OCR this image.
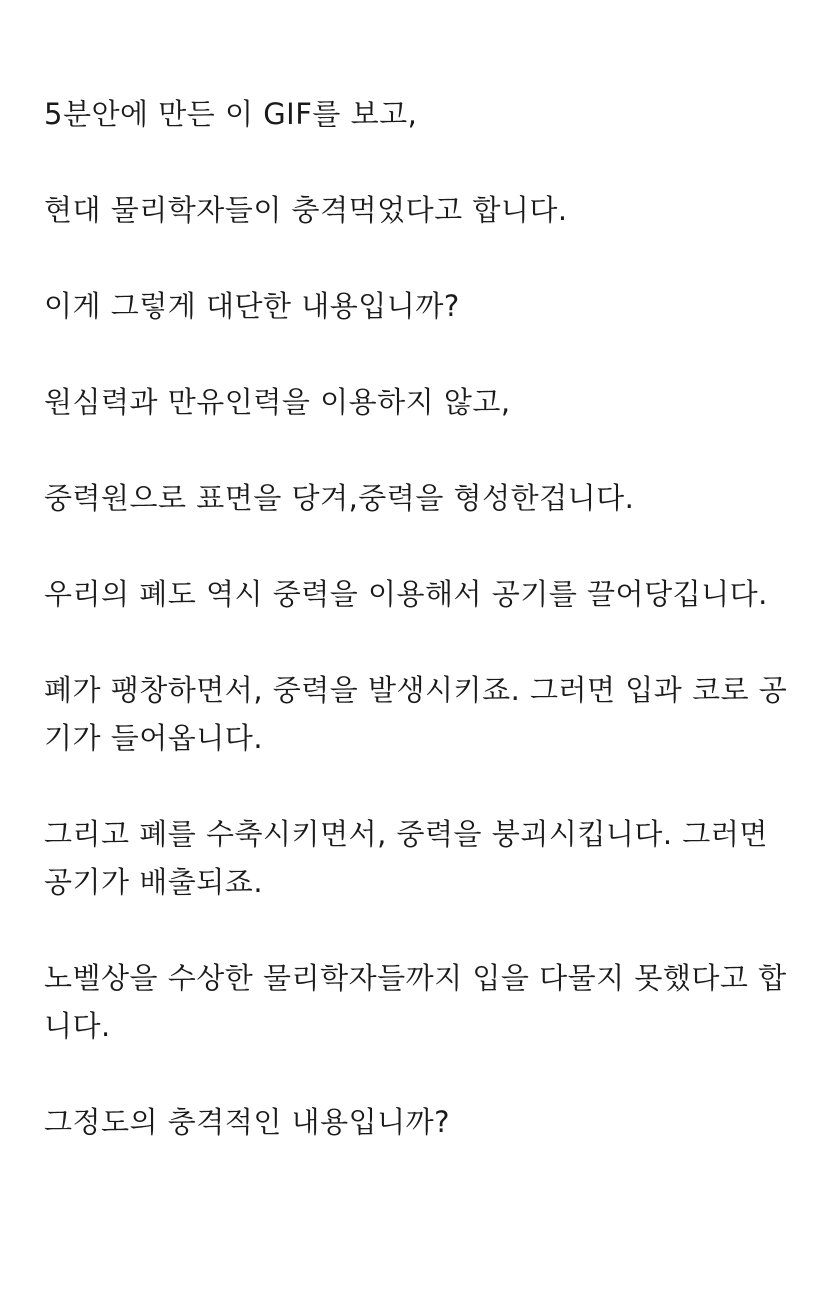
5분안에 만든 이 GIF를 보고,

현대 물리학자들이 충격먹었다고 합니다.

이게 그렇게 대단한 내용입니까?

원심력과 만유인력을 이용하지 않고,

중력원으로 표면을 당겨,중력을 형성한겁니다.

우리의 폐도 역시 중력을 이용해서 공기를 끌어당깁니다.

폐가 팽창하면서, 중력을 발생시키죠. 그러면 입과 코로 공기가 들어옵니다.

그리고 폐를 수축시키면서, 중력을 붕괴시킵니다. 그러면 공기가 배출되죠.

노벨상을 수상한 물리학자들까지 입을 다물지 못했다고 합니다.

그정도의 충격적인 내용입니까?
